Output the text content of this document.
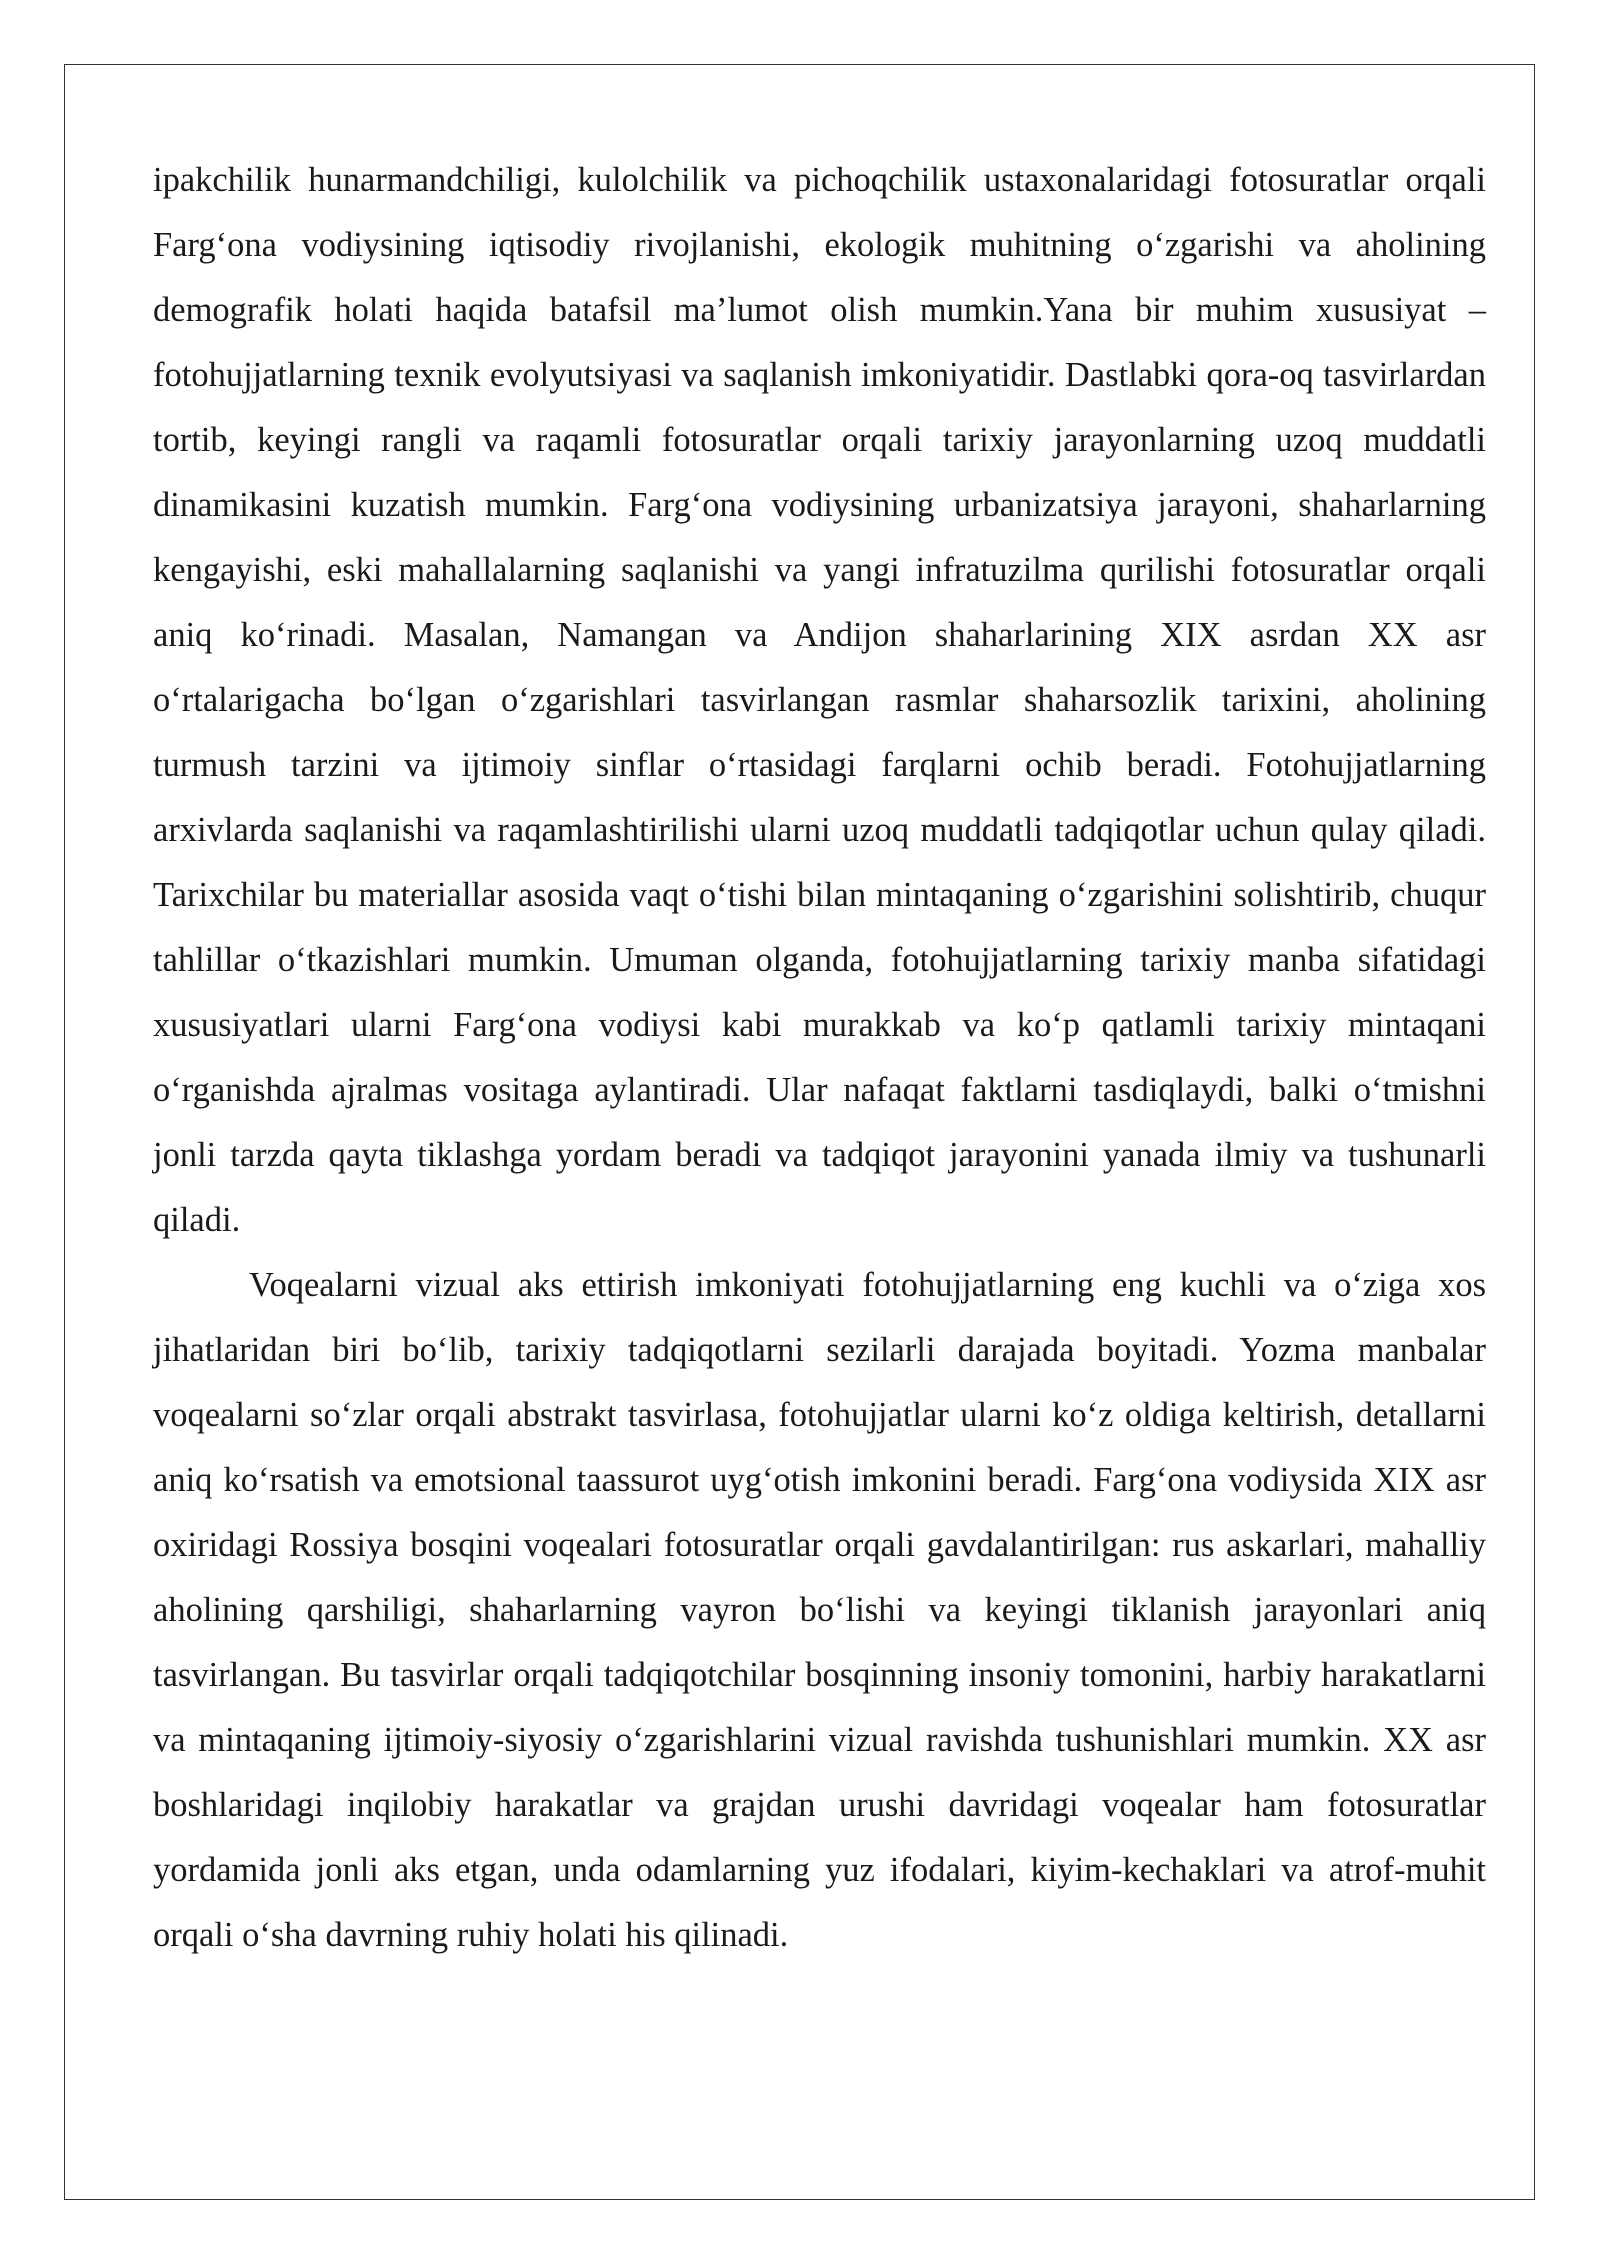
ipakchilik hunarmandchiligi, kulolchilik va pichoqchilik ustaxonalaridagi fotosuratlar orqali Farg‘ona vodiysining iqtisodiy rivojlanishi, ekologik muhitning o‘zgarishi va aholining demografik holati haqida batafsil ma’lumot olish mumkin.Yana bir muhim xususiyat – fotohujjatlarning texnik evolyutsiyasi va saqlanish imkoniyatidir. Dastlabki qora-oq tasvirlardan tortib, keyingi rangli va raqamli fotosuratlar orqali tarixiy jarayonlarning uzoq muddatli dinamikasini kuzatish mumkin. Farg‘ona vodiysining urbanizatsiya jarayoni, shaharlarning kengayishi, eski mahallalarning saqlanishi va yangi infratuzilma qurilishi fotosuratlar orqali aniq ko‘rinadi. Masalan, Namangan va Andijon shaharlarining XIX asrdan XX asr o‘rtalarigacha bo‘lgan o‘zgarishlari tasvirlangan rasmlar shaharsozlik tarixini, aholining turmush tarzini va ijtimoiy sinflar o‘rtasidagi farqlarni ochib beradi. Fotohujjatlarning arxivlarda saqlanishi va raqamlashtirilishi ularni uzoq muddatli tadqiqotlar uchun qulay qiladi. Tarixchilar bu materiallar asosida vaqt o‘tishi bilan mintaqaning o‘zgarishini solishtirib, chuqur tahlillar o‘tkazishlari mumkin. Umuman olganda, fotohujjatlarning tarixiy manba sifatidagi xususiyatlari ularni Farg‘ona vodiysi kabi murakkab va ko‘p qatlamli tarixiy mintaqani o‘rganishda ajralmas vositaga aylantiradi. Ular nafaqat faktlarni tasdiqlaydi, balki o‘tmishni jonli tarzda qayta tiklashga yordam beradi va tadqiqot jarayonini yanada ilmiy va tushunarli qiladi.

Voqealarni vizual aks ettirish imkoniyati fotohujjatlarning eng kuchli va o‘ziga xos jihatlaridan biri bo‘lib, tarixiy tadqiqotlarni sezilarli darajada boyitadi. Yozma manbalar voqealarni so‘zlar orqali abstrakt tasvirlasa, fotohujjatlar ularni ko‘z oldiga keltirish, detallarni aniq ko‘rsatish va emotsional taassurot uyg‘otish imkonini beradi. Farg‘ona vodiysida XIX asr oxiridagi Rossiya bosqini voqealari fotosuratlar orqali gavdalantirilgan: rus askarlari, mahalliy aholining qarshiligi, shaharlarning vayron bo‘lishi va keyingi tiklanish jarayonlari aniq tasvirlangan. Bu tasvirlar orqali tadqiqotchilar bosqinning insoniy tomonini, harbiy harakatlarni va mintaqaning ijtimoiy-siyosiy o‘zgarishlarini vizual ravishda tushunishlari mumkin. XX asr boshlaridagi inqilobiy harakatlar va grajdan urushi davridagi voqealar ham fotosuratlar yordamida jonli aks etgan, unda odamlarning yuz ifodalari, kiyim-kechaklari va atrof-muhit orqali o‘sha davrning ruhiy holati his qilinadi.
